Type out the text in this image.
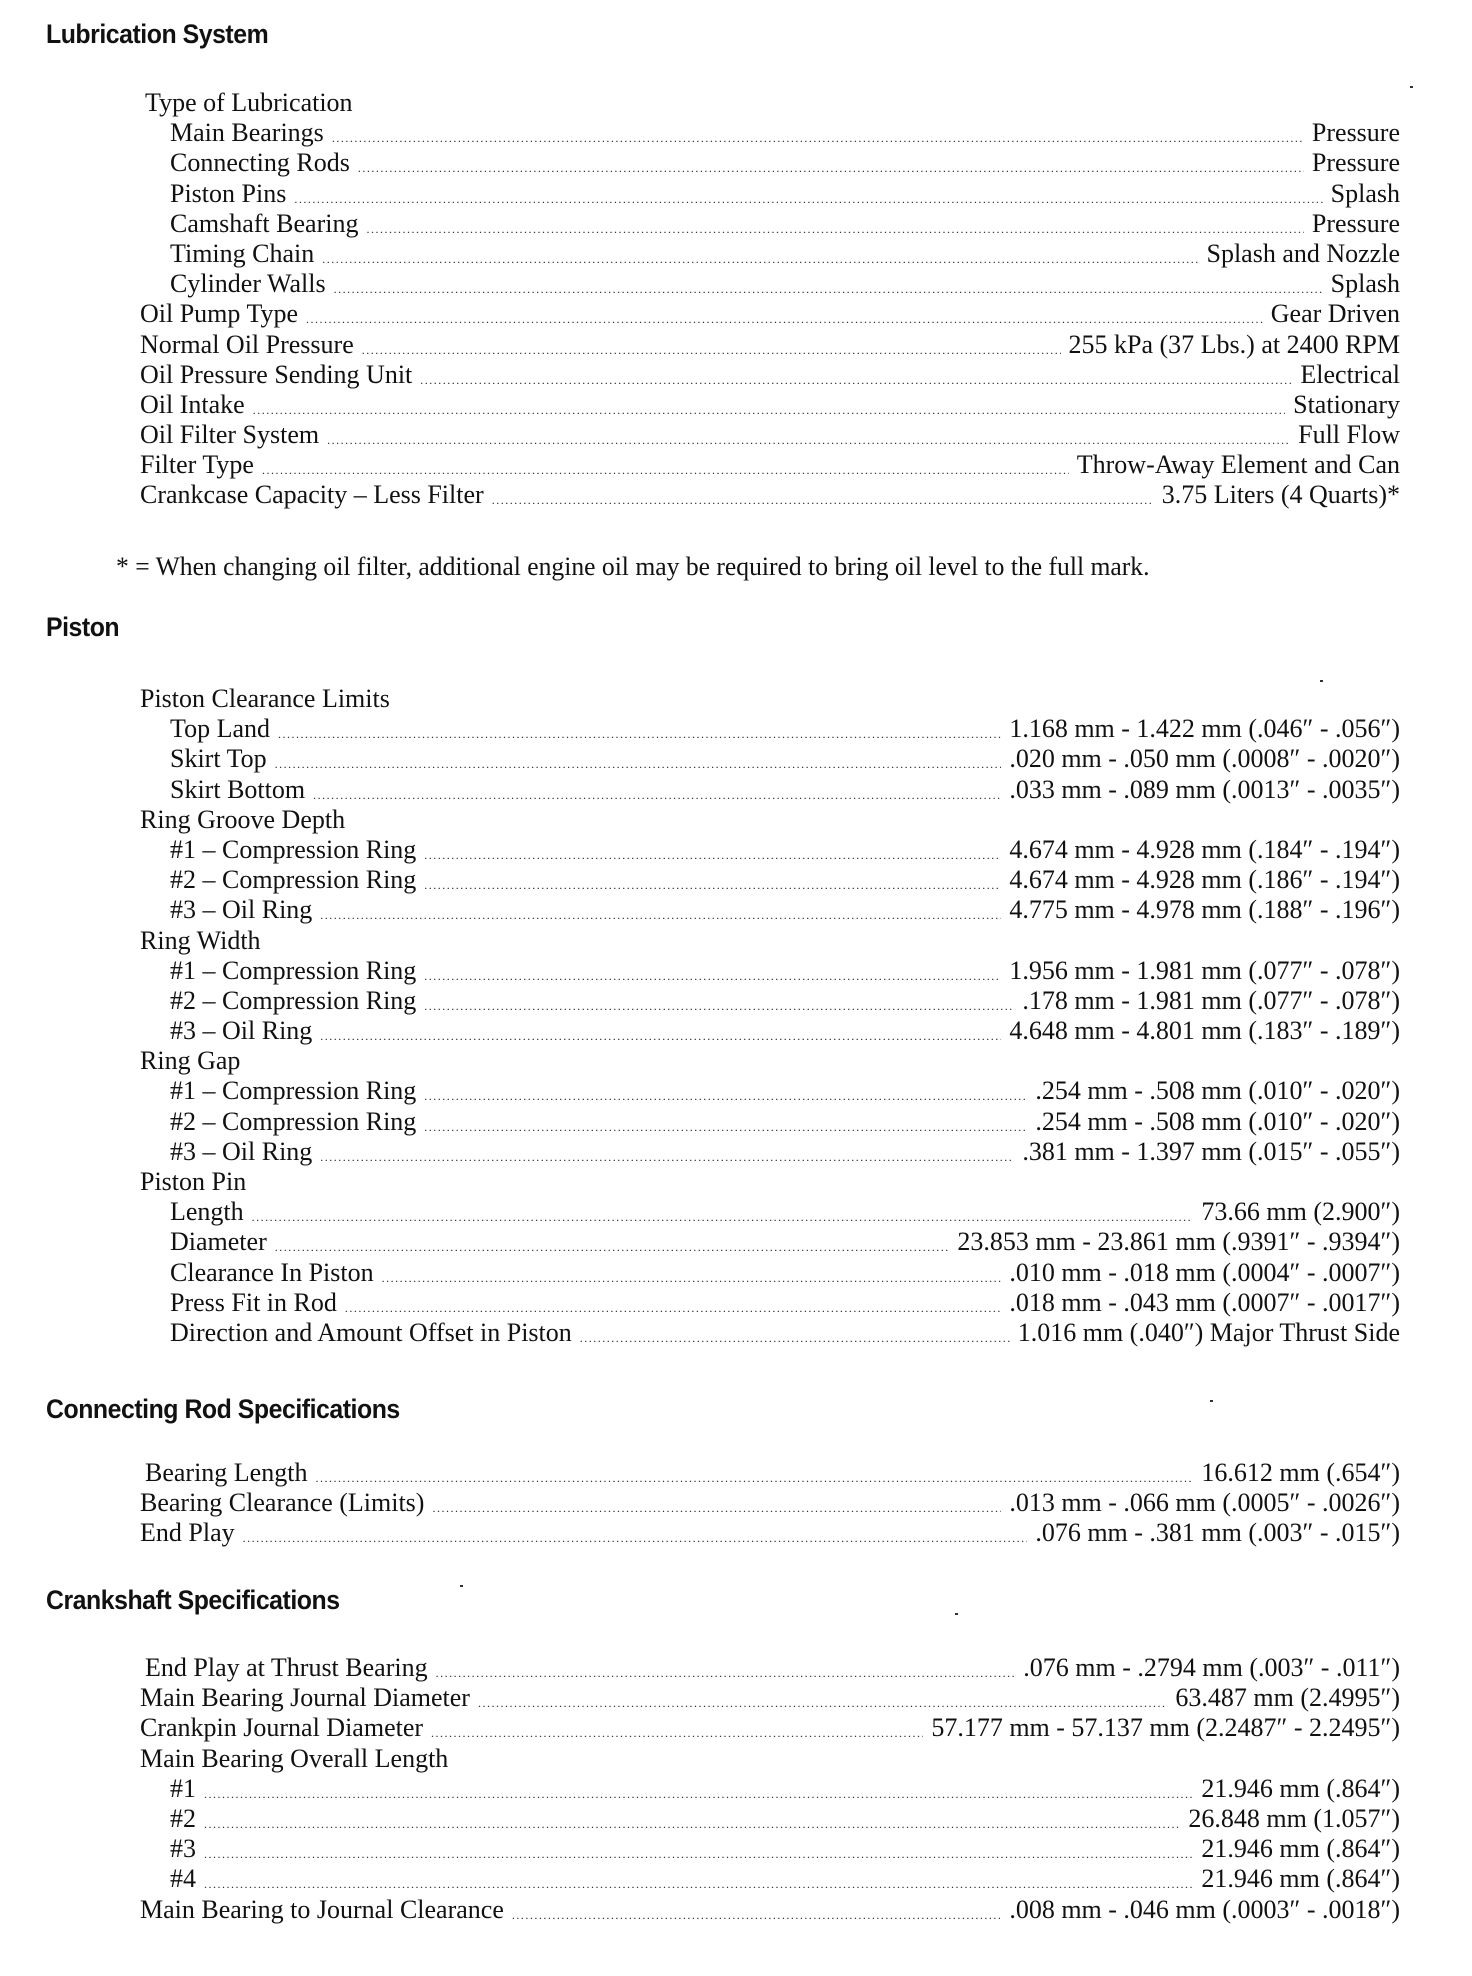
Lubrication System
Type of Lubrication
Main Bearings .....	Pressure
Connecting Rods .....	Pressure
Piston Pins .....	Splash
Camshaft Bearing .....	Pressure
Timing Chain .....	Splash and Nozzle
Cylinder Walls .....	Splash
Oil Pump Type .....	Gear Driven
Normal Oil Pressure .....	255 kPa (37 Lbs.) at 2400 RPM
Oil Pressure Sending Unit .....	Electrical
Oil Intake .....	Stationary
Oil Filter System .....	Full Flow
Filter Type .....	Throw-Away Element and Can
Crankcase Capacity – Less Filter .....	3.75 Liters (4 Quarts)*
* = When changing oil filter, additional engine oil may be required to bring oil level to the full mark.
Piston
Piston Clearance Limits
Top Land .....	1.168 mm - 1.422 mm (.046″ - .056″)
Skirt Top .....	.020 mm - .050 mm (.0008″ - .0020″)
Skirt Bottom .....	.033 mm - .089 mm (.0013″ - .0035″)
Ring Groove Depth
#1 – Compression Ring .....	4.674 mm - 4.928 mm (.184″ - .194″)
#2 – Compression Ring .....	4.674 mm - 4.928 mm (.186″ - .194″)
#3 – Oil Ring .....	4.775 mm - 4.978 mm (.188″ - .196″)
Ring Width
#1 – Compression Ring .....	1.956 mm - 1.981 mm (.077″ - .078″)
#2 – Compression Ring .....	.178 mm - 1.981 mm (.077″ - .078″)
#3 – Oil Ring .....	4.648 mm - 4.801 mm (.183″ - .189″)
Ring Gap
#1 – Compression Ring .....	.254 mm - .508 mm (.010″ - .020″)
#2 – Compression Ring .....	.254 mm - .508 mm (.010″ - .020″)
#3 – Oil Ring .....	.381 mm - 1.397 mm (.015″ - .055″)
Piston Pin
Length .....	73.66 mm (2.900″)
Diameter .....	23.853 mm - 23.861 mm (.9391″ - .9394″)
Clearance In Piston .....	.010 mm - .018 mm (.0004″ - .0007″)
Press Fit in Rod .....	.018 mm - .043 mm (.0007″ - .0017″)
Direction and Amount Offset in Piston .....	1.016 mm (.040″) Major Thrust Side
Connecting Rod Specifications
Bearing Length .....	16.612 mm (.654″)
Bearing Clearance (Limits) .....	.013 mm - .066 mm (.0005″ - .0026″)
End Play .....	.076 mm - .381 mm (.003″ - .015″)
Crankshaft Specifications
End Play at Thrust Bearing .....	.076 mm - .2794 mm (.003″ - .011″)
Main Bearing Journal Diameter .....	63.487 mm (2.4995″)
Crankpin Journal Diameter .....	57.177 mm - 57.137 mm (2.2487″ - 2.2495″)
Main Bearing Overall Length
#1 .....	21.946 mm (.864″)
#2 .....	26.848 mm (1.057″)
#3 .....	21.946 mm (.864″)
#4 .....	21.946 mm (.864″)
Main Bearing to Journal Clearance .....	.008 mm - .046 mm (.0003″ - .0018″)
